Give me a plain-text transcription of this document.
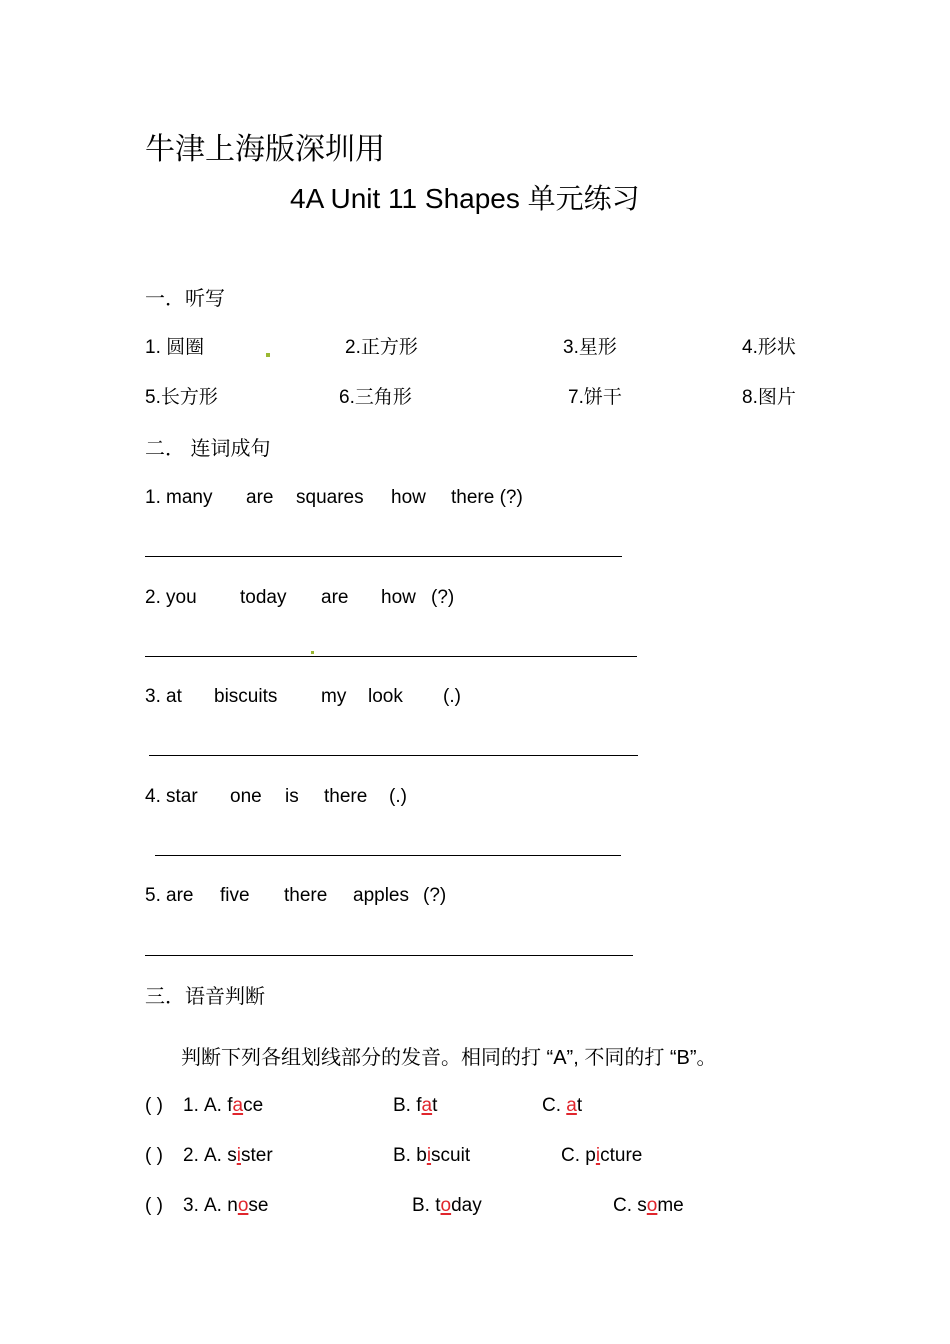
牛津上海版深圳用
4A Unit 11 Shapes 单元练习
一．听写
1. 圆圈	2.正方形	3.星形	4.形状
5.长方形	6.三角形	7.饼干	8.图片
二． 连词成句
1. many are squares how there (?)
2. you today are how (?)
3. at biscuits my look (.)
4. star one is there (.)
5. are five there apples (?)
三．语音判断
判断下列各组划线部分的发音。相同的打 “A”, 不同的打 “B”。
( ) 1. A. face	B. fat	C. at
( ) 2. A. sister	B. biscuit	C. picture
( ) 3. A. nose	B. today	C. some
